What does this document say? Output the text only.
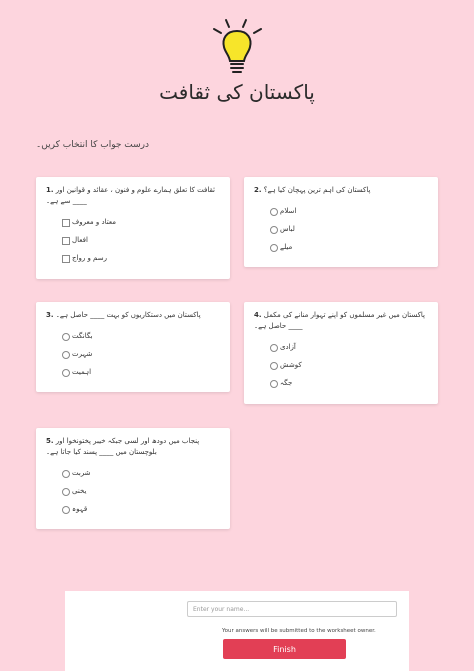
پاکستان کی ثقافت
درست جواب کا انتخاب کریں۔
1. ثقافت کا تعلق ہمارے علوم و فنون ، عقائد و قوانین اور ____ سے ہے۔
معتاد و معروف
افعال
رسم و رواج
2. پاکستان کی اہم ترین پہچان کیا ہے؟
اسلام
لباس
میلے
3. پاکستان میں دستکاریوں کو بہت ____ حاصل ہے۔
بگانگت
شہرت
اہمیت
4. پاکستان میں غیر مسلموں کو اپنے تہوار منانے کی مکمل ____ حاصل ہے۔
آزادی
کوشش
جگہ
5. پنجاب میں دودھ اور لسی جبکہ خیبر پختونخوا اور بلوچستان میں ____ پسند کیا جاتا ہے۔
شربت
یخنی
قہوہ
Enter your name...
Your answers will be submitted to the worksheet owner.
Finish
